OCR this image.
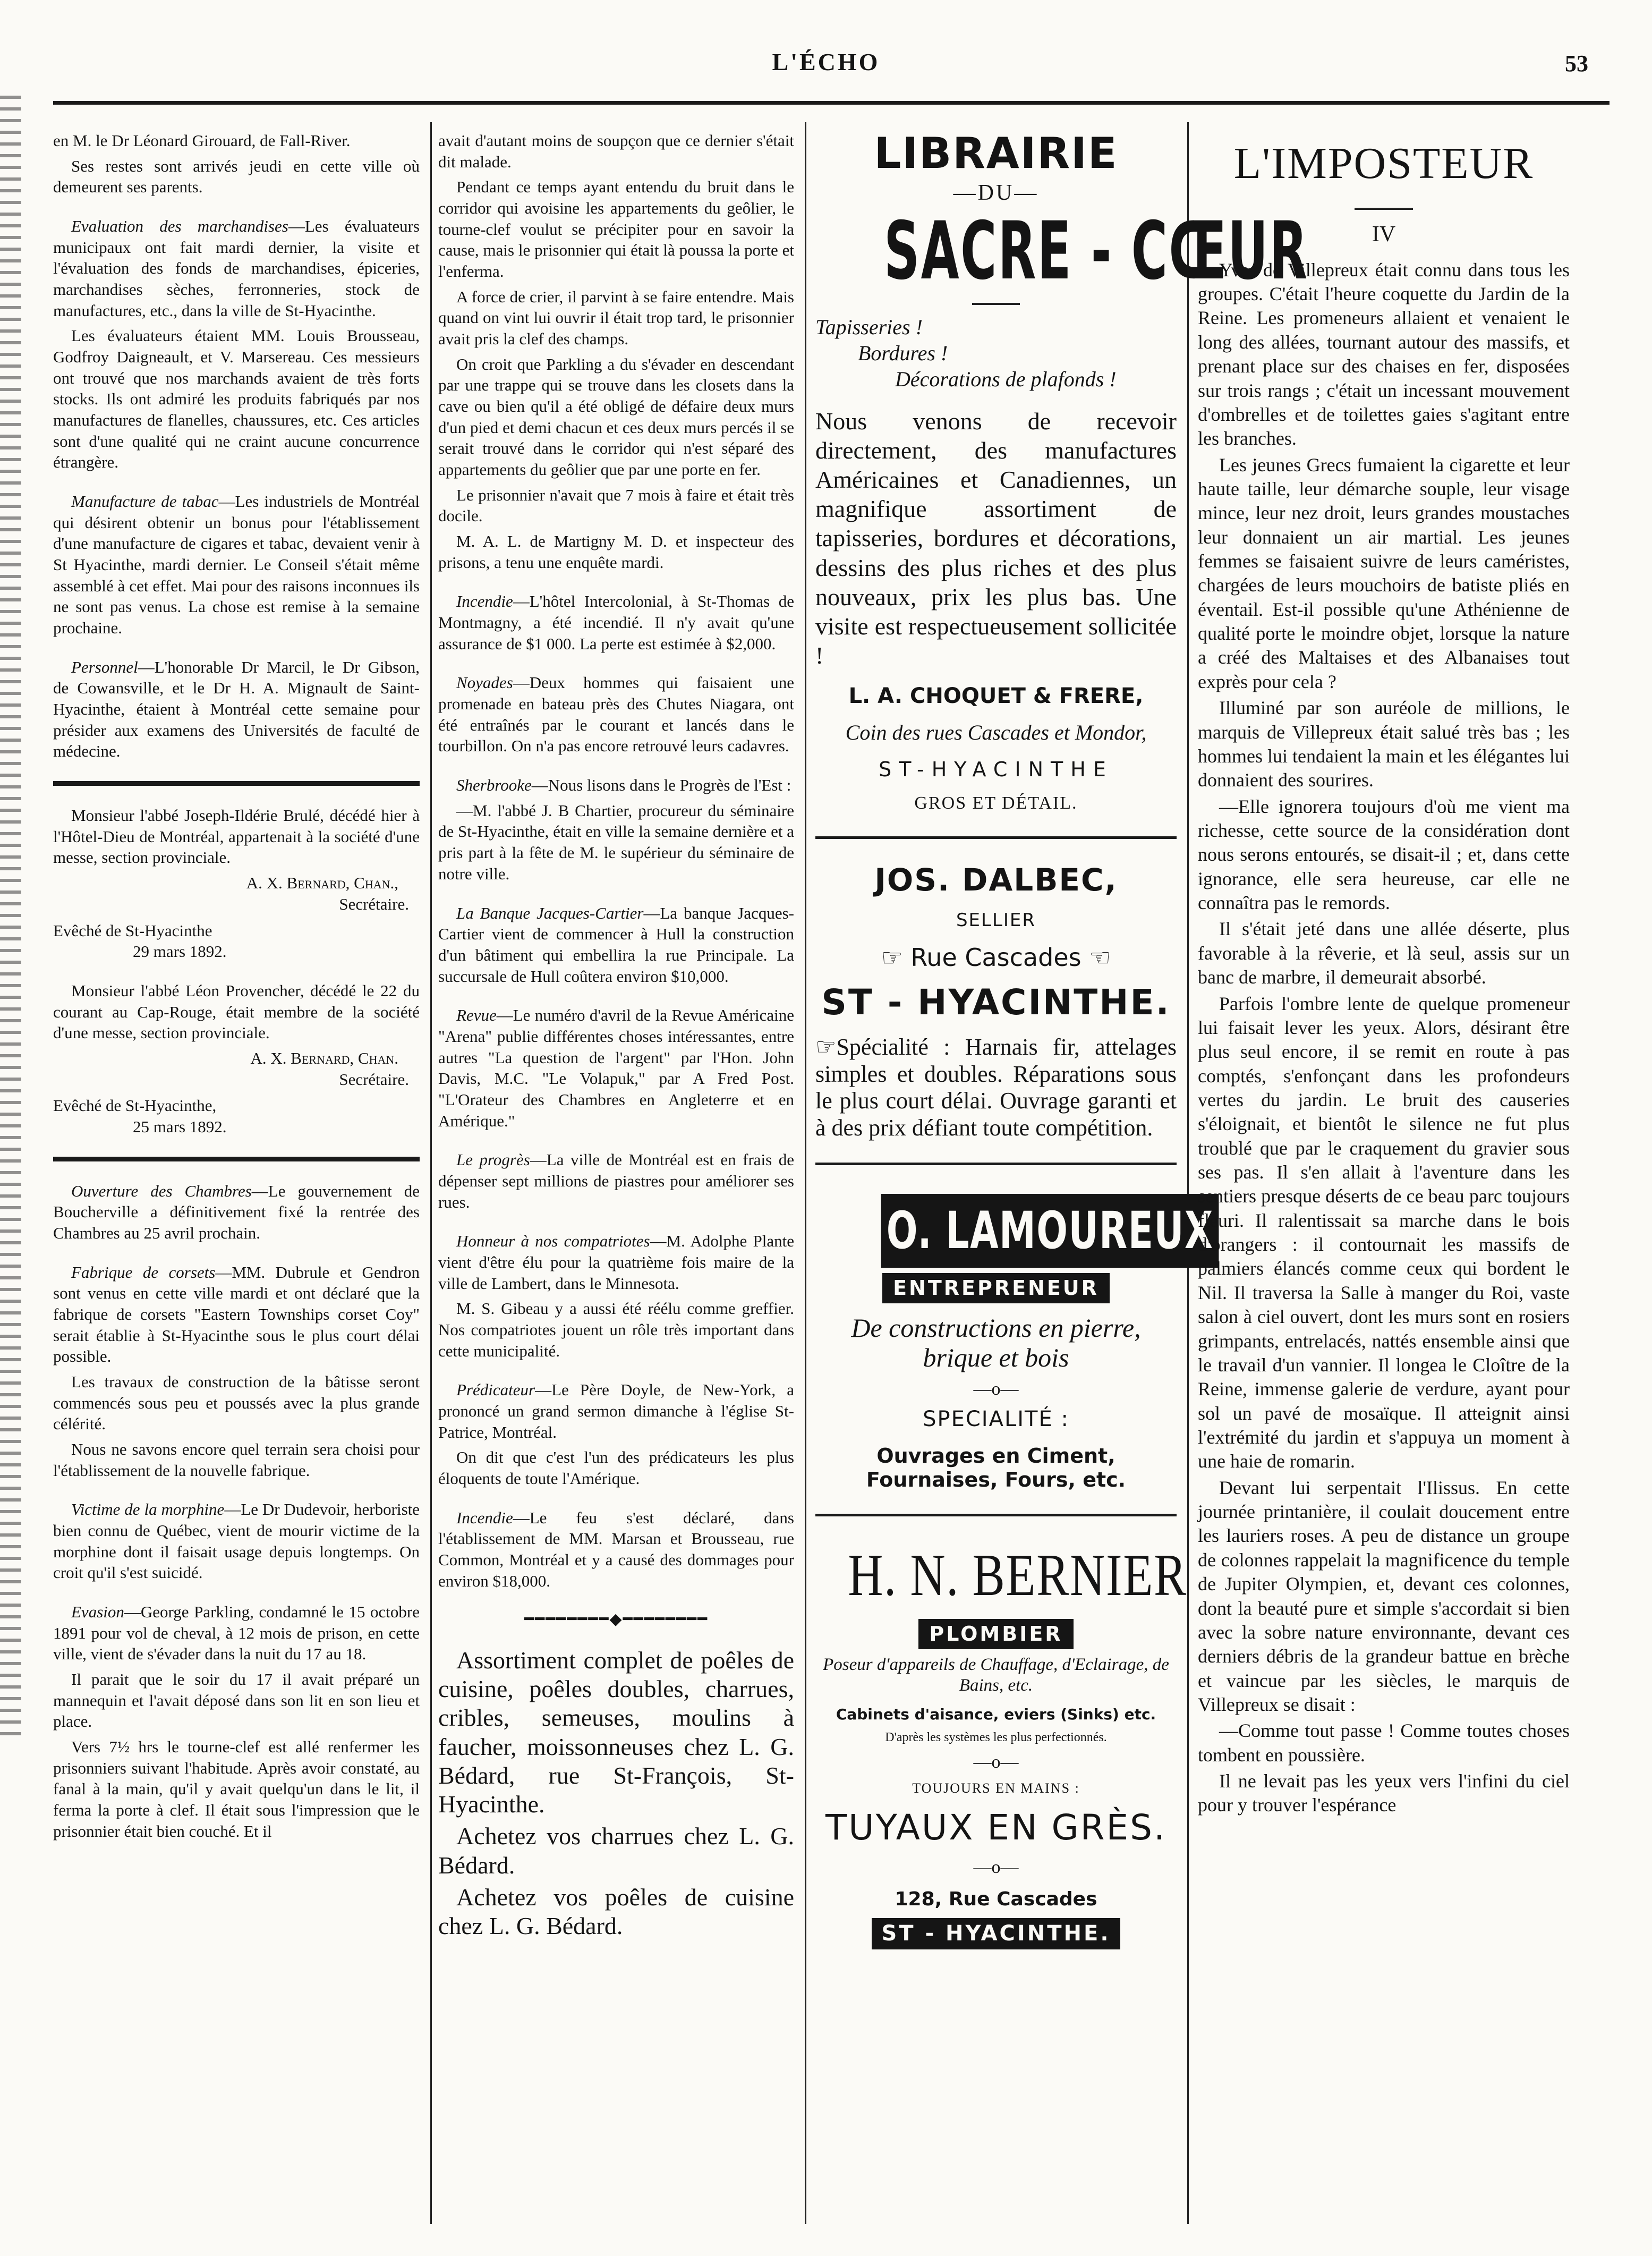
L'ÉCHO	53

en M. le Dr Léonard Girouard, de Fall-River.

Ses restes sont arrivés jeudi en cette ville où demeurent ses parents.

Evaluation des marchandises—Les évaluateurs municipaux ont fait mardi dernier, la visite et l'évaluation des fonds de marchandises, épiceries, marchandises sèches, ferronneries, stock de manufactures, etc., dans la ville de St-Hyacinthe.

Les évaluateurs étaient MM. Louis Brousseau, Godfroy Daigneault, et V. Marsereau. Ces messieurs ont trouvé que nos marchands avaient de très forts stocks. Ils ont admiré les produits fabriqués par nos manufactures de flanelles, chaussures, etc. Ces articles sont d'une qualité qui ne craint aucune concurrence étrangère.

Manufacture de tabac—Les industriels de Montréal qui désirent obtenir un bonus pour l'établissement d'une manufacture de cigares et tabac, devaient venir à St Hyacinthe, mardi dernier. Le Conseil s'était même assemblé à cet effet. Mai pour des raisons inconnues ils ne sont pas venus. La chose est remise à la semaine prochaine.

Personnel—L'honorable Dr Marcil, le Dr Gibson, de Cowansville, et le Dr H. A. Mignault de Saint-Hyacinthe, étaient à Montréal cette semaine pour présider aux examens des Universités de faculté de médecine.

Monsieur l'abbé Joseph-Ildérie Brulé, décédé hier à l'Hôtel-Dieu de Montréal, appartenait à la société d'une messe, section provinciale.

A. X. Bernard, Chan.,
Secrétaire.

Evêché de St-Hyacinthe

29 mars 1892.

Monsieur l'abbé Léon Provencher, décédé le 22 du courant au Cap-Rouge, était membre de la société d'une messe, section provinciale.

A. X. Bernard, Chan.
Secrétaire.

Evêché de St-Hyacinthe,

25 mars 1892.

Ouverture des Chambres—Le gouvernement de Boucherville a définitivement fixé la rentrée des Chambres au 25 avril prochain.

Fabrique de corsets—MM. Dubrule et Gendron sont venus en cette ville mardi et ont déclaré que la fabrique de corsets "Eastern Townships corset Coy" serait établie à St-Hyacinthe sous le plus court délai possible.

Les travaux de construction de la bâtisse seront commencés sous peu et poussés avec la plus grande célérité.

Nous ne savons encore quel terrain sera choisi pour l'établissement de la nouvelle fabrique.

Victime de la morphine—Le Dr Dudevoir, herboriste bien connu de Québec, vient de mourir victime de la morphine dont il faisait usage depuis longtemps. On croit qu'il s'est suicidé.

Evasion—George Parkling, condamné le 15 octobre 1891 pour vol de cheval, à 12 mois de prison, en cette ville, vient de s'évader dans la nuit du 17 au 18.

Il parait que le soir du 17 il avait préparé un mannequin et l'avait déposé dans son lit en son lieu et place.

Vers 7½ hrs le tourne-clef est allé renfermer les prisonniers suivant l'habitude. Après avoir constaté, au fanal à la main, qu'il y avait quelqu'un dans le lit, il ferma la porte à clef. Il était sous l'impression que le prisonnier était bien couché. Et il

avait d'autant moins de soupçon que ce dernier s'était dit malade.

Pendant ce temps ayant entendu du bruit dans le corridor qui avoisine les appartements du geôlier, le tourne-clef voulut se précipiter pour en savoir la cause, mais le prisonnier qui était là poussa la porte et l'enferma.

A force de crier, il parvint à se faire entendre. Mais quand on vint lui ouvrir il était trop tard, le prisonnier avait pris la clef des champs.

On croit que Parkling a du s'évader en descendant par une trappe qui se trouve dans les closets dans la cave ou bien qu'il a été obligé de défaire deux murs d'un pied et demi chacun et ces deux murs percés il se serait trouvé dans le corridor qui n'est séparé des appartements du geôlier que par une porte en fer.

Le prisonnier n'avait que 7 mois à faire et était très docile.

M. A. L. de Martigny M. D. et inspecteur des prisons, a tenu une enquête mardi.

Incendie—L'hôtel Intercolonial, à St-Thomas de Montmagny, a été incendié. Il n'y avait qu'une assurance de $1 000. La perte est estimée à $2,000.

Noyades—Deux hommes qui faisaient une promenade en bateau près des Chutes Niagara, ont été entraînés par le courant et lancés dans le tourbillon. On n'a pas encore retrouvé leurs cadavres.

Sherbrooke—Nous lisons dans le Progrès de l'Est :

—M. l'abbé J. B Chartier, procureur du séminaire de St-Hyacinthe, était en ville la semaine dernière et a pris part à la fête de M. le supérieur du séminaire de notre ville.

La Banque Jacques-Cartier—La banque Jacques-Cartier vient de commencer à Hull la construction d'un bâtiment qui embellira la rue Principale. La succursale de Hull coûtera environ $10,000.

Revue—Le numéro d'avril de la Revue Américaine "Arena" publie différentes choses intéressantes, entre autres "La question de l'argent" par l'Hon. John Davis, M.C. "Le Volapuk," par A Fred Post. "L'Orateur des Chambres en Angleterre et en Amérique."

Le progrès—La ville de Montréal est en frais de dépenser sept millions de piastres pour améliorer ses rues.

Honneur à nos compatriotes—M. Adolphe Plante vient d'être élu pour la quatrième fois maire de la ville de Lambert, dans le Minnesota.

M. S. Gibeau y a aussi été réélu comme greffier. Nos compatriotes jouent un rôle très important dans cette municipalité.

Prédicateur—Le Père Doyle, de New-York, a prononcé un grand sermon dimanche à l'église St-Patrice, Montréal.

On dit que c'est l'un des prédicateurs les plus éloquents de toute l'Amérique.

Incendie—Le feu s'est déclaré, dans l'établissement de MM. Marsan et Brousseau, rue Common, Montréal et y a causé des dommages pour environ $18,000.

━━━━━━━━◆━━━━━━━━

Assortiment complet de poêles de cuisine, poêles doubles, charrues, cribles, semeuses, moulins à faucher, moissonneuses chez L. G. Bédard, rue St-François, St-Hyacinthe.

Achetez vos charrues chez L. G. Bédard.

Achetez vos poêles de cuisine chez L. G. Bédard.

LIBRAIRIE
—DU—
SACRE - CŒUR
Tapisseries !
Bordures !
Décorations de plafonds !
Nous venons de recevoir directement, des manufactures Américaines et Canadiennes, un magnifique assortiment de tapisseries, bordures et décorations, dessins des plus riches et des plus nouveaux, prix les plus bas. Une visite est respectueusement sollicitée !
L. A. CHOQUET & FRERE,
Coin des rues Cascades et Mondor,
ST-HYACINTHE
GROS ET DÉTAIL.
JOS. DALBEC,
SELLIER
☞ Rue Cascades ☜
ST - HYACINTHE.
☞Spécialité : Harnais fir, attelages simples et doubles. Réparations sous le plus court délai. Ouvrage garanti et à des prix défiant toute compétition.
O. LAMOUREUX
ENTREPRENEUR
De constructions en pierre, brique et bois
—o—
SPECIALITÉ :
Ouvrages en Ciment, Fournaises, Fours, etc.
H. N. BERNIER
PLOMBIER
Poseur d'appareils de Chauffage, d'Eclairage, de Bains, etc.
Cabinets d'aisance, eviers (Sinks) etc.
D'après les systèmes les plus perfectionnés.
—o—
TOUJOURS EN MAINS :
TUYAUX EN GRÈS.
—o—
128, Rue Cascades
ST - HYACINTHE.
L'IMPOSTEUR
IV

Yves de Villepreux était connu dans tous les groupes. C'était l'heure coquette du Jardin de la Reine. Les promeneurs allaient et venaient le long des allées, tournant autour des massifs, et prenant place sur des chaises en fer, disposées sur trois rangs ; c'était un incessant mouvement d'ombrelles et de toilettes gaies s'agitant entre les branches.

Les jeunes Grecs fumaient la cigarette et leur haute taille, leur démarche souple, leur visage mince, leur nez droit, leurs grandes moustaches leur donnaient un air martial. Les jeunes femmes se faisaient suivre de leurs caméristes, chargées de leurs mouchoirs de batiste pliés en éventail. Est-il possible qu'une Athénienne de qualité porte le moindre objet, lorsque la nature a créé des Maltaises et des Albanaises tout exprès pour cela ?

Illuminé par son auréole de millions, le marquis de Villepreux était salué très bas ; les hommes lui tendaient la main et les élégantes lui donnaient des sourires.

—Elle ignorera toujours d'où me vient ma richesse, cette source de la considération dont nous serons entourés, se disait-il ; et, dans cette ignorance, elle sera heureuse, car elle ne connaîtra pas le remords.

Il s'était jeté dans une allée déserte, plus favorable à la rêverie, et là seul, assis sur un banc de marbre, il demeurait absorbé.

Parfois l'ombre lente de quelque promeneur lui faisait lever les yeux. Alors, désirant être plus seul encore, il se remit en route à pas comptés, s'enfonçant dans les profondeurs vertes du jardin. Le bruit des causeries s'éloignait, et bientôt le silence ne fut plus troublé que par le craquement du gravier sous ses pas. Il s'en allait à l'aventure dans les sentiers presque déserts de ce beau parc toujours fleuri. Il ralentissait sa marche dans le bois d'orangers : il contournait les massifs de palmiers élancés comme ceux qui bordent le Nil. Il traversa la Salle à manger du Roi, vaste salon à ciel ouvert, dont les murs sont en rosiers grimpants, entrelacés, nattés ensemble ainsi que le travail d'un vannier. Il longea le Cloître de la Reine, immense galerie de verdure, ayant pour sol un pavé de mosaïque. Il atteignit ainsi l'extrémité du jardin et s'appuya un moment à une haie de romarin.

Devant lui serpentait l'Ilissus. En cette journée printanière, il coulait doucement entre les lauriers roses. A peu de distance un groupe de colonnes rappelait la magnificence du temple de Jupiter Olympien, et, devant ces colonnes, dont la beauté pure et simple s'accordait si bien avec la sobre nature environnante, devant ces derniers débris de la grandeur battue en brèche et vaincue par les siècles, le marquis de Villepreux se disait :

—Comme tout passe ! Comme toutes choses tombent en poussière.

Il ne levait pas les yeux vers l'infini du ciel pour y trouver l'espérance
